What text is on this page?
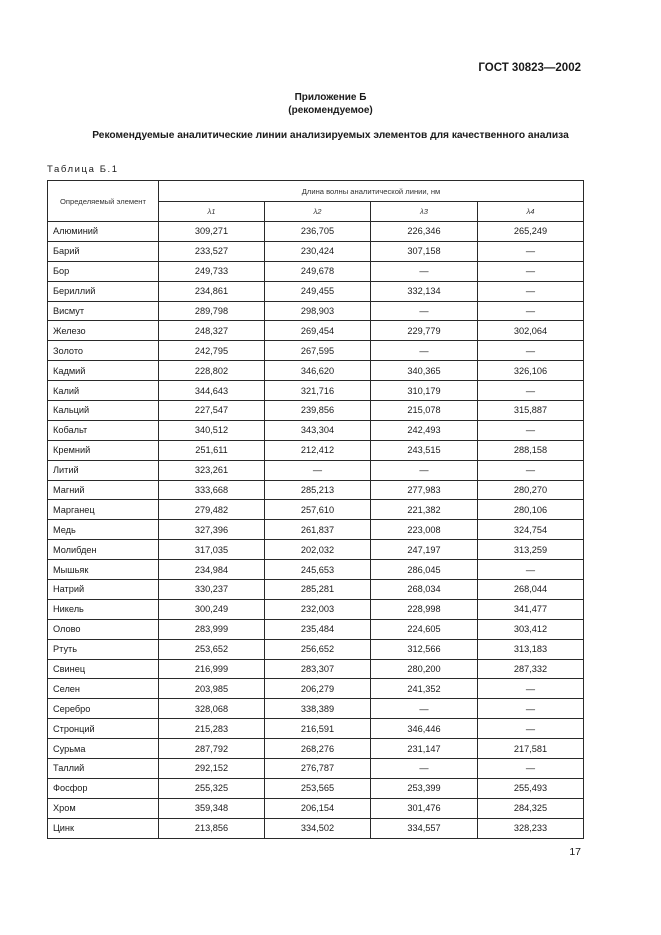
ГОСТ 30823—2002
Приложение Б
(рекомендуемое)
Рекомендуемые аналитические линии анализируемых элементов для качественного анализа
Таблица Б.1
Определяемый элемент	Длина волны аналитической линии, нм			
	λ1	λ2	λ3	λ4
Алюминий	309,271	236,705	226,346	265,249
Барий	233,527	230,424	307,158	—
Бор	249,733	249,678	—	—
Бериллий	234,861	249,455	332,134	—
Висмут	289,798	298,903	—	—
Железо	248,327	269,454	229,779	302,064
Золото	242,795	267,595	—	—
Кадмий	228,802	346,620	340,365	326,106
Калий	344,643	321,716	310,179	—
Кальций	227,547	239,856	215,078	315,887
Кобальт	340,512	343,304	242,493	—
Кремний	251,611	212,412	243,515	288,158
Литий	323,261	—	—	—
Магний	333,668	285,213	277,983	280,270
Марганец	279,482	257,610	221,382	280,106
Медь	327,396	261,837	223,008	324,754
Молибден	317,035	202,032	247,197	313,259
Мышьяк	234,984	245,653	286,045	—
Натрий	330,237	285,281	268,034	268,044
Никель	300,249	232,003	228,998	341,477
Олово	283,999	235,484	224,605	303,412
Ртуть	253,652	256,652	312,566	313,183
Свинец	216,999	283,307	280,200	287,332
Селен	203,985	206,279	241,352	—
Серебро	328,068	338,389	—	—
Стронций	215,283	216,591	346,446	—
Сурьма	287,792	268,276	231,147	217,581
Таллий	292,152	276,787	—	—
Фосфор	255,325	253,565	253,399	255,493
Хром	359,348	206,154	301,476	284,325
Цинк	213,856	334,502	334,557	328,233
17
